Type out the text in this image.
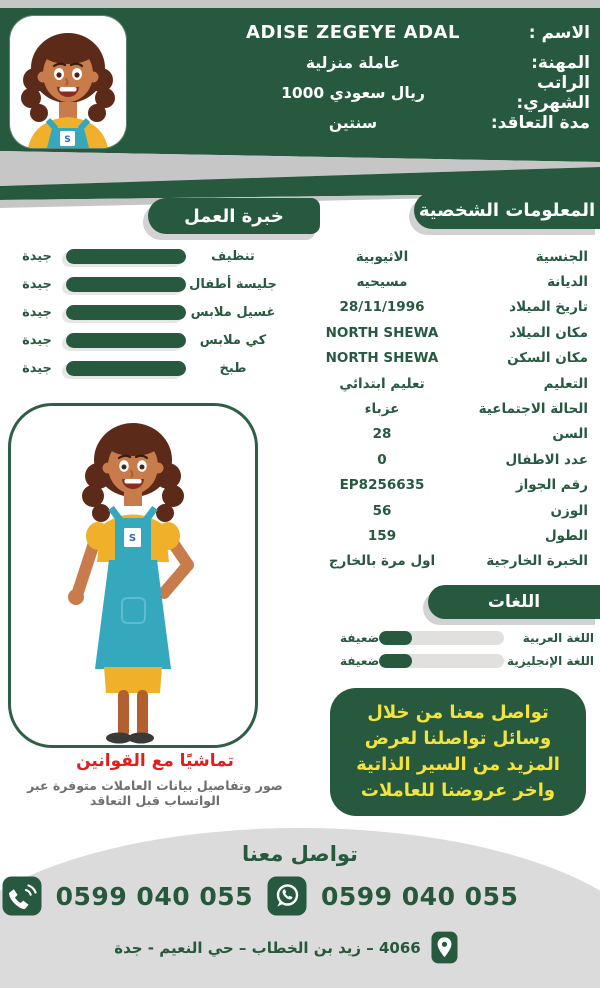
S
الاسم :
ADISE ZEGEYE ADAL
المهنة:
عاملة منزلية
الراتب الشهري:
1000 ريال سعودي
مدة التعاقد:
سنتين
المعلومات الشخصية
خبرة العمل
اللغات
تنظيف
جيدة
جليسة أطفال
جيدة
غسيل ملابس
جيدة
كي ملابس
جيدة
طبخ
جيدة
الجنسية
الاثيوبية
الديانة
مسيحيه
تاريخ الميلاد
28/11/1996
مكان الميلاد
NORTH SHEWA
مكان السكن
NORTH SHEWA
التعليم
تعليم ابتدائي
الحالة الاجتماعية
عزباء
السن
28
عدد الاطفال
0
رقم الجواز
EP8256635
الوزن
56
الطول
159
الخبرة الخارجية
اول مرة بالخارج
اللغة العربية
ضعيفة
اللغة الإنجليزية
ضعيفة
S
تماشيًا مع القوانين
صور وتفاصيل بيانات العاملات متوفرة عبر الواتساب قبل التعاقد

تواصل معنا من خلال وسائل تواصلنا لعرض المزيد من السير الذاتية واخر عروضنا للعاملات

تواصل معنا
0599 040 055	0599 040 055
4066 – زيد بن الخطاب – حي النعيم - جدة
